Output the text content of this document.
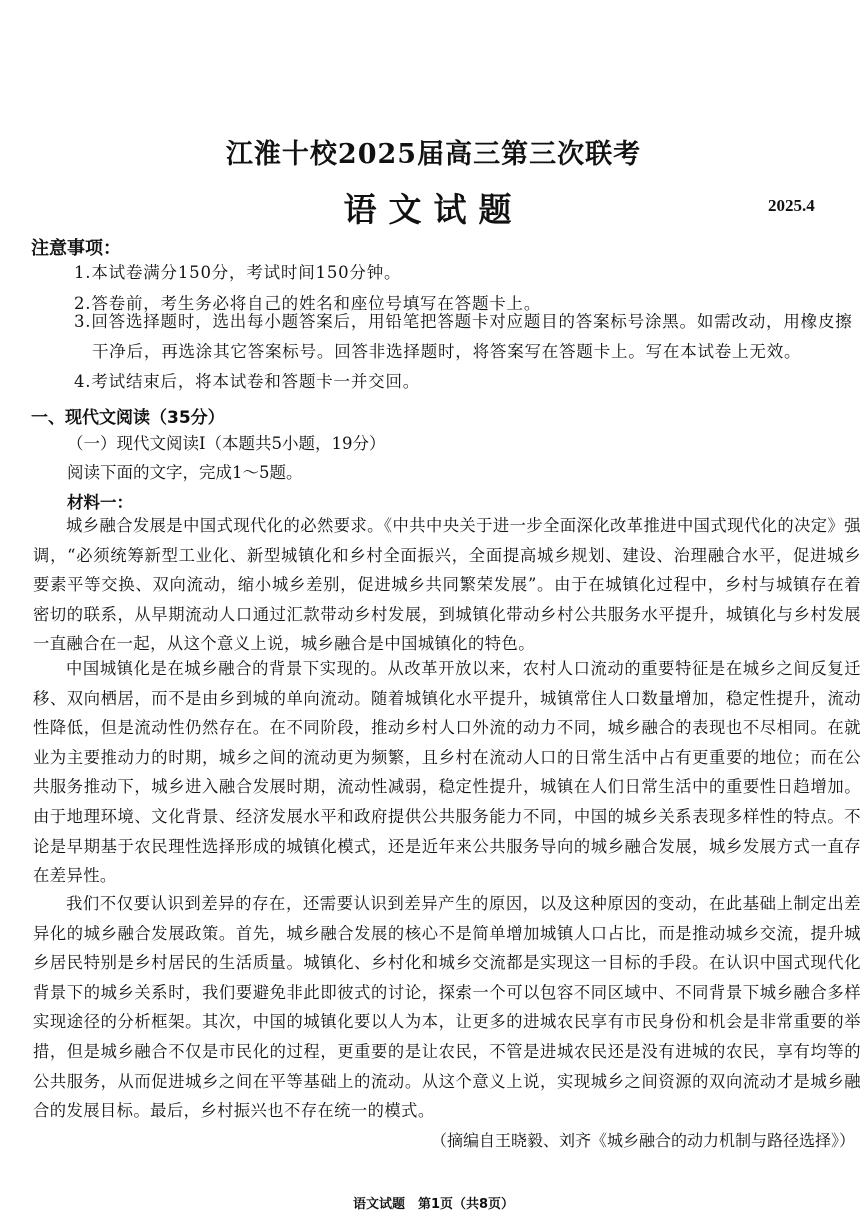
江淮十校2025届高三第三次联考
语文试题	2025.4
注意事项：
1.本试卷满分150分，考试时间150分钟。
2.答卷前，考生务必将自己的姓名和座位号填写在答题卡上。
3.回答选择题时，选出每小题答案后，用铅笔把答题卡对应题目的答案标号涂黑。如需改动，用橡皮擦
干净后，再选涂其它答案标号。回答非选择题时，将答案写在答题卡上。写在本试卷上无效。
4.考试结束后，将本试卷和答题卡一并交回。
一、现代文阅读（35分）
（一）现代文阅读Ⅰ（本题共5小题，19分）
阅读下面的文字，完成1～5题。
材料一：

城乡融合发展是中国式现代化的必然要求。《中共中央关于进一步全面深化改革推进中国式现代化的决定》强调，“必须统筹新型工业化、新型城镇化和乡村全面振兴，全面提高城乡规划、建设、治理融合水平，促进城乡要素平等交换、双向流动，缩小城乡差别，促进城乡共同繁荣发展”。由于在城镇化过程中，乡村与城镇存在着密切的联系，从早期流动人口通过汇款带动乡村发展，到城镇化带动乡村公共服务水平提升，城镇化与乡村发展一直融合在一起，从这个意义上说，城乡融合是中国城镇化的特色。

中国城镇化是在城乡融合的背景下实现的。从改革开放以来，农村人口流动的重要特征是在城乡之间反复迁移、双向栖居，而不是由乡到城的单向流动。随着城镇化水平提升，城镇常住人口数量增加，稳定性提升，流动性降低，但是流动性仍然存在。在不同阶段，推动乡村人口外流的动力不同，城乡融合的表现也不尽相同。在就业为主要推动力的时期，城乡之间的流动更为频繁，且乡村在流动人口的日常生活中占有更重要的地位；而在公共服务推动下，城乡进入融合发展时期，流动性减弱，稳定性提升，城镇在人们日常生活中的重要性日趋增加。由于地理环境、文化背景、经济发展水平和政府提供公共服务能力不同，中国的城乡关系表现多样性的特点。不论是早期基于农民理性选择形成的城镇化模式，还是近年来公共服务导向的城乡融合发展，城乡发展方式一直存在差异性。

我们不仅要认识到差异的存在，还需要认识到差异产生的原因，以及这种原因的变动，在此基础上制定出差异化的城乡融合发展政策。首先，城乡融合发展的核心不是简单增加城镇人口占比，而是推动城乡交流，提升城乡居民特别是乡村居民的生活质量。城镇化、乡村化和城乡交流都是实现这一目标的手段。在认识中国式现代化背景下的城乡关系时，我们要避免非此即彼式的讨论，探索一个可以包容不同区域中、不同背景下城乡融合多样实现途径的分析框架。其次，中国的城镇化要以人为本，让更多的进城农民享有市民身份和机会是非常重要的举措，但是城乡融合不仅是市民化的过程，更重要的是让农民，不管是进城农民还是没有进城的农民，享有均等的公共服务，从而促进城乡之间在平等基础上的流动。从这个意义上说，实现城乡之间资源的双向流动才是城乡融合的发展目标。最后，乡村振兴也不存在统一的模式。

（摘编自王晓毅、刘齐《城乡融合的动力机制与路径选择》）
语文试题　第1页（共8页）
